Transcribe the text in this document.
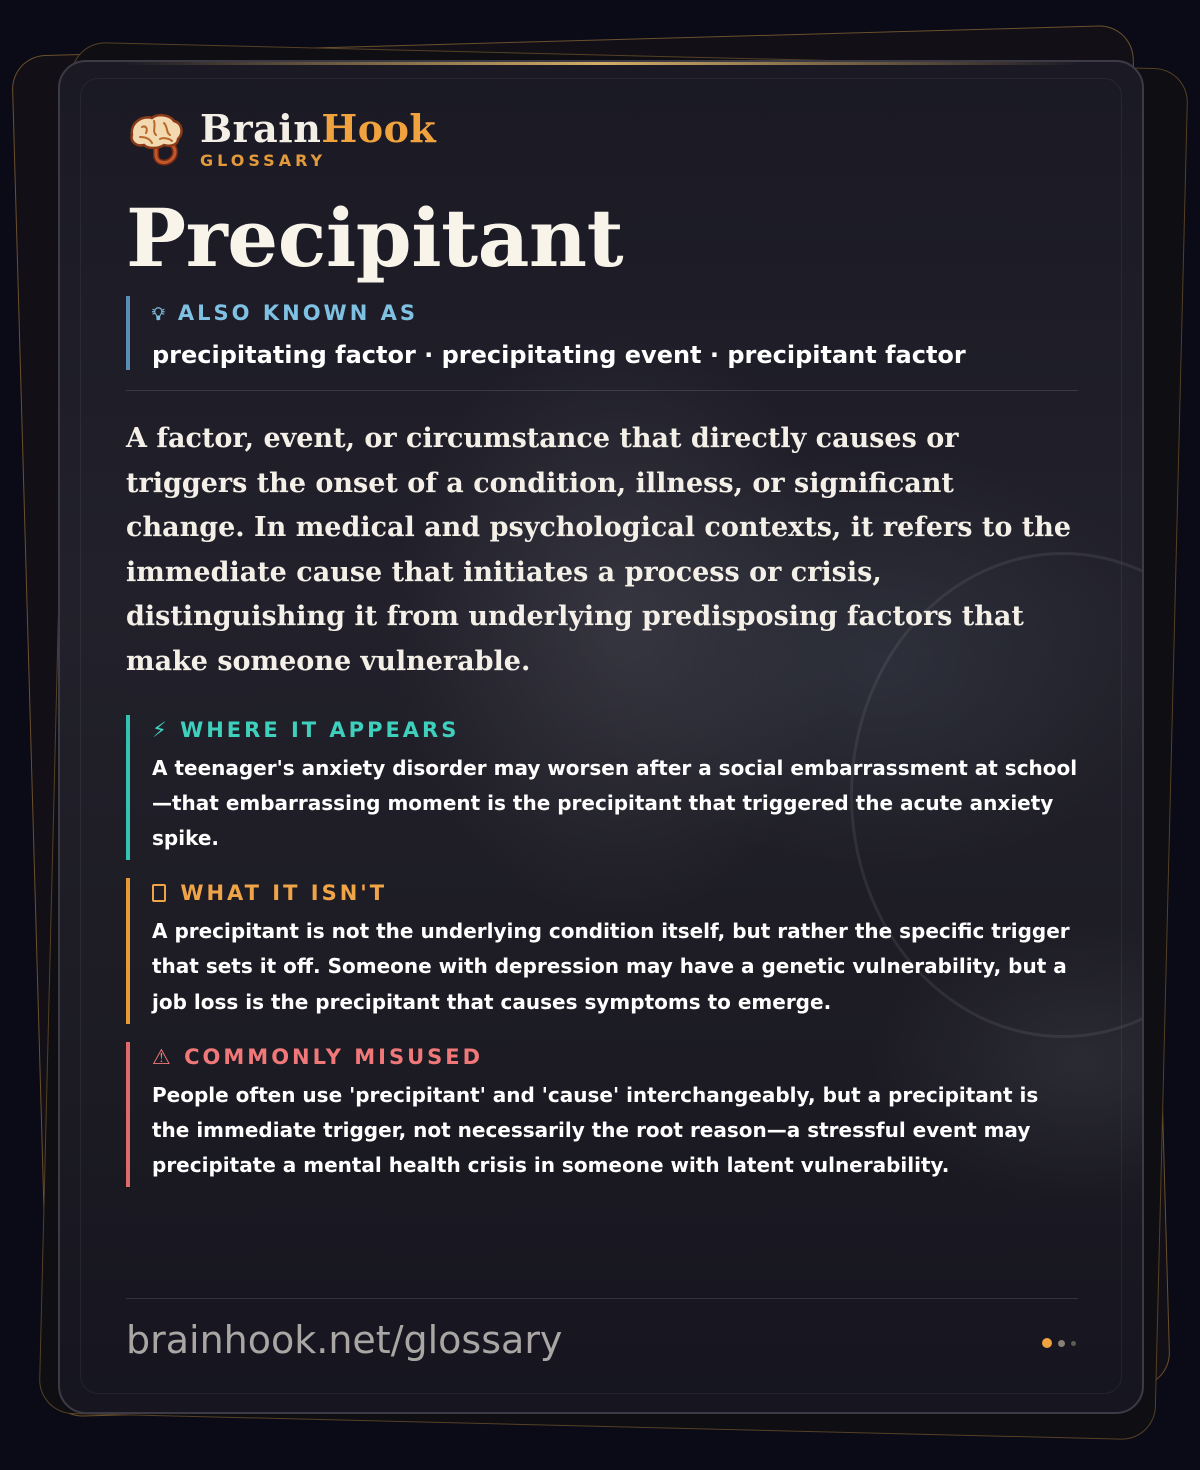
BrainHook
GLOSSARY
Precipitant
💡︎ ALSO KNOWN AS
precipitating factor · precipitating event · precipitant factor
A factor, event, or circumstance that directly causes or triggers the onset of a condition, illness, or significant change. In medical and psychological contexts, it refers to the immediate cause that initiates a process or crisis, distinguishing it from underlying predisposing factors that make someone vulnerable.
⚡︎ WHERE IT APPEARS
A teenager's anxiety disorder may worsen after a social embarrassment at school—that embarrassing moment is the precipitant that triggered the acute anxiety spike.
WHAT IT ISN'T
A precipitant is not the underlying condition itself, but rather the specific trigger that sets it off. Someone with depression may have a genetic vulnerability, but a job loss is the precipitant that causes symptoms to emerge.
⚠ COMMONLY MISUSED
People often use 'precipitant' and 'cause' interchangeably, but a precipitant is the immediate trigger, not necessarily the root reason—a stressful event may precipitate a mental health crisis in someone with latent vulnerability.
brainhook.net/glossary
